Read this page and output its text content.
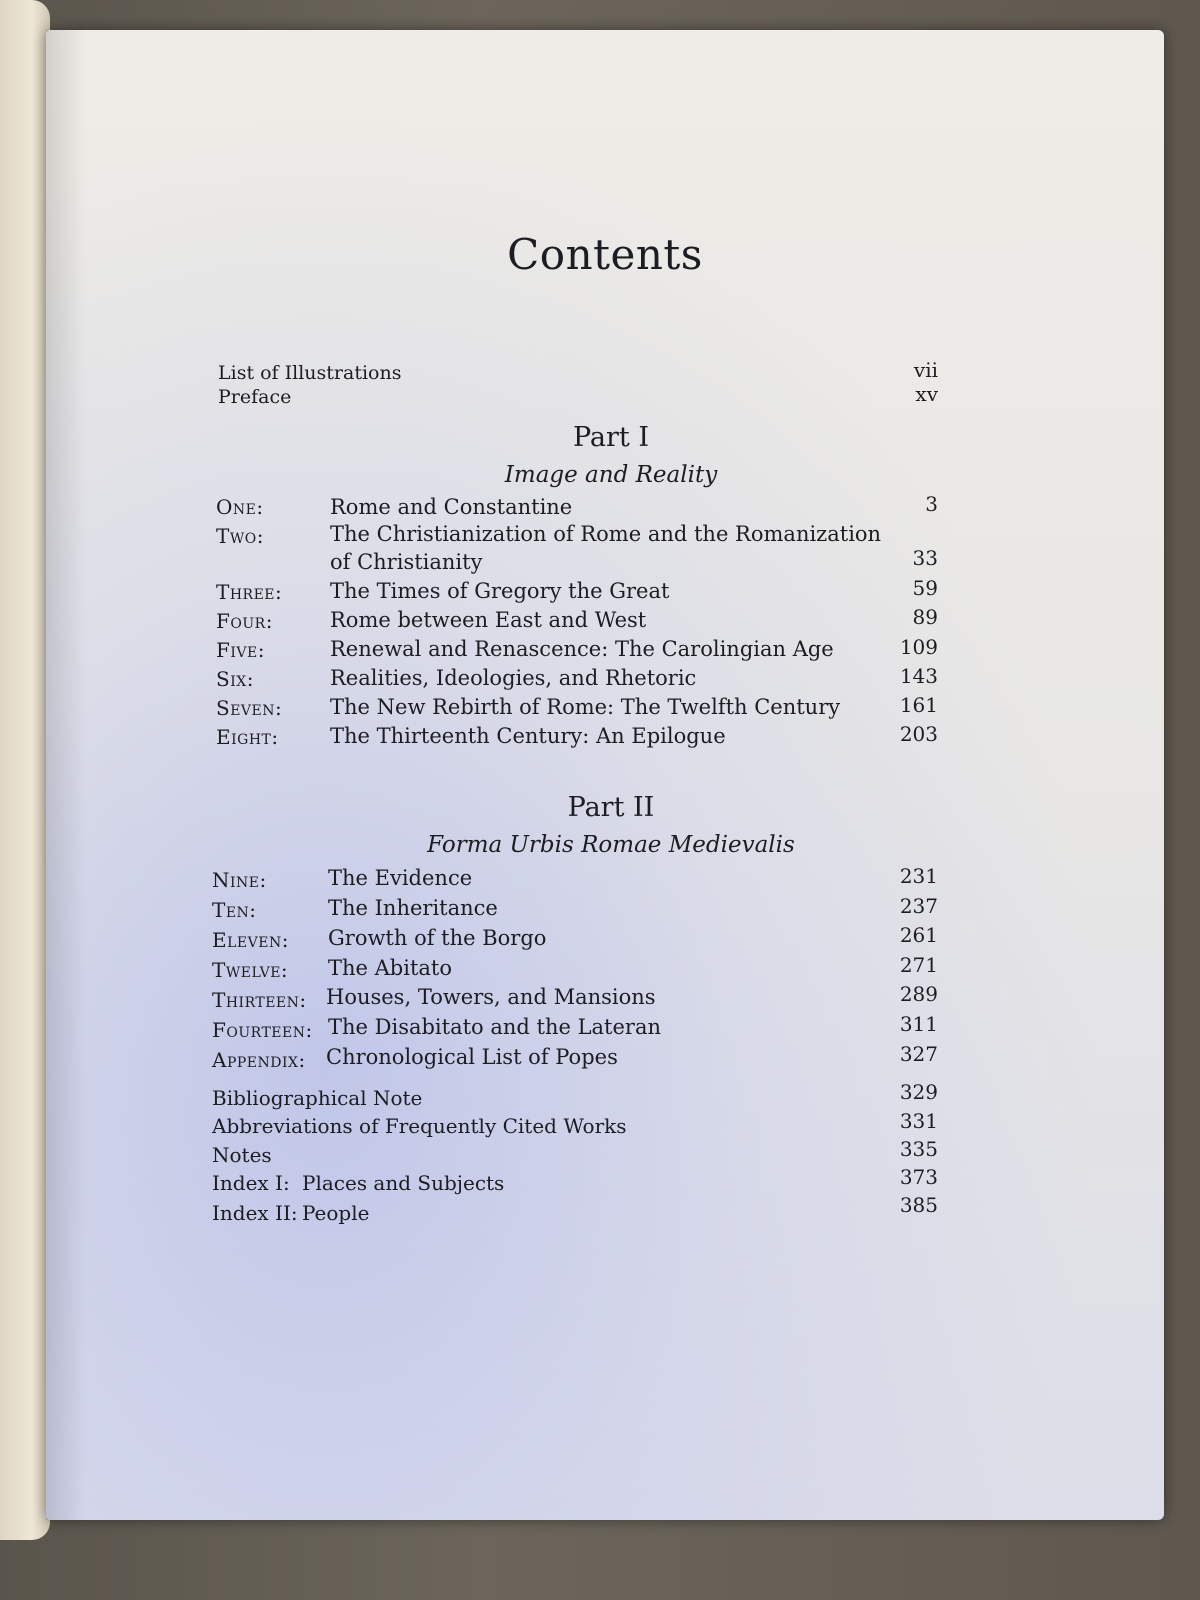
Contents
List of Illustrations	vii
Preface	xv
Part I
Image and Reality
One:	Rome and Constantine	3
Two:	The Christianization of Rome and the Romanization
of Christianity	33
Three: The Times of Gregory the Great	59
Four:	Rome between East and West	89
Five:	Renewal and Renascence: The Carolingian Age	109
Six:	Realities, Ideologies, and Rhetoric	143
Seven: The New Rebirth of Rome: The Twelfth Century	161
Eight: The Thirteenth Century: An Epilogue	203
Part II
Forma Urbis Romae Medievalis
Nine:	The Evidence	231
Ten:	The Inheritance	237
Eleven: Growth of the Borgo	261
Twelve: The Abitato	271
Thirteen: Houses, Towers, and Mansions	289
Fourteen: The Disabitato and the Lateran	311
Appendix: Chronological List of Popes	327
Bibliographical Note	329
Abbreviations of Frequently Cited Works	331
Notes	335
Index I: Places and Subjects	373
Index II: People	385
